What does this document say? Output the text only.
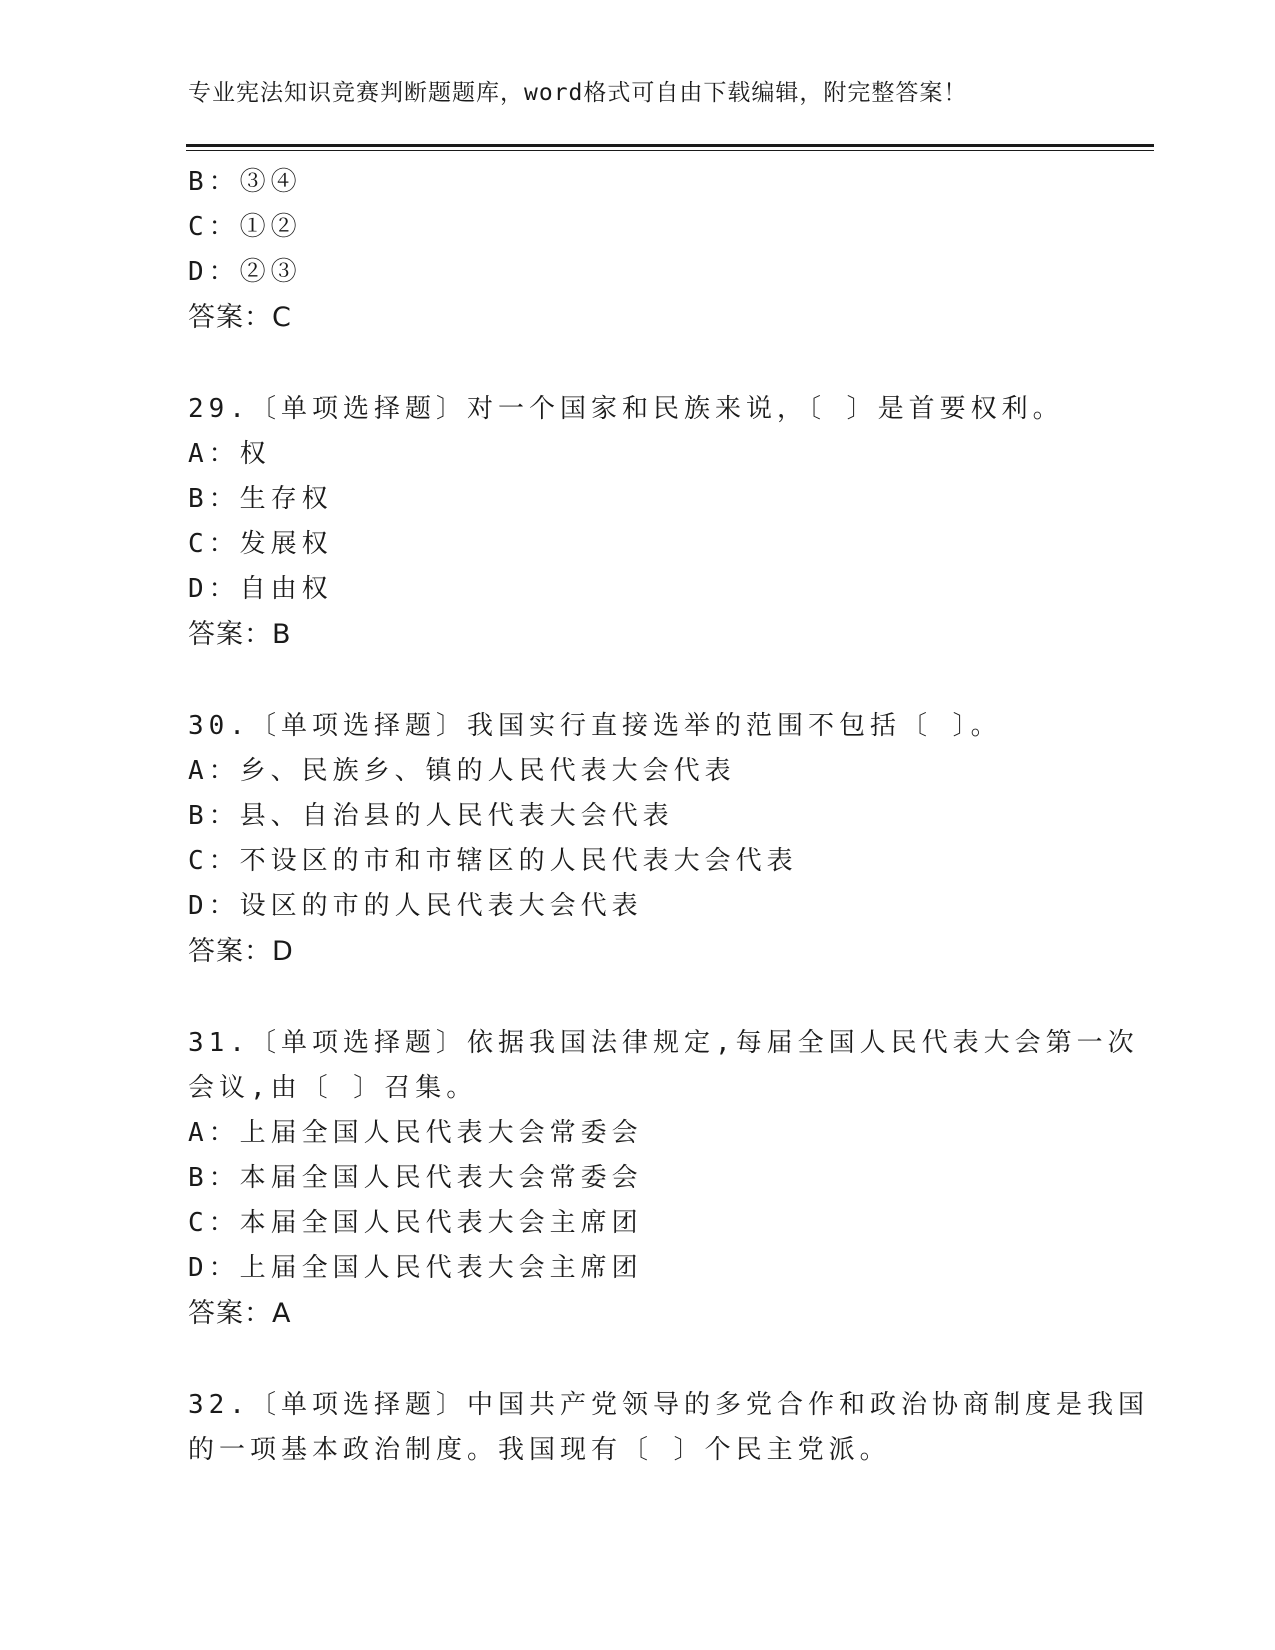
专业宪法知识竞赛判断题题库，word格式可自由下载编辑，附完整答案！
B：③④
C：①②
D：②③
答案：C
29.〔单项选择题〕对一个国家和民族来说，〔 〕是首要权利。
A：权
B：生存权
C：发展权
D：自由权
答案：B
30.〔单项选择题〕我国实行直接选举的范围不包括〔 〕。
A：乡、民族乡、镇的人民代表大会代表
B：县、自治县的人民代表大会代表
C：不设区的市和市辖区的人民代表大会代表
D：设区的市的人民代表大会代表
答案：D
31.〔单项选择题〕依据我国法律规定,每届全国人民代表大会第一次
会议,由〔 〕召集。
A：上届全国人民代表大会常委会
B：本届全国人民代表大会常委会
C：本届全国人民代表大会主席团
D：上届全国人民代表大会主席团
答案：A
32.〔单项选择题〕中国共产党领导的多党合作和政治协商制度是我国
的一项基本政治制度。我国现有〔 〕个民主党派。
